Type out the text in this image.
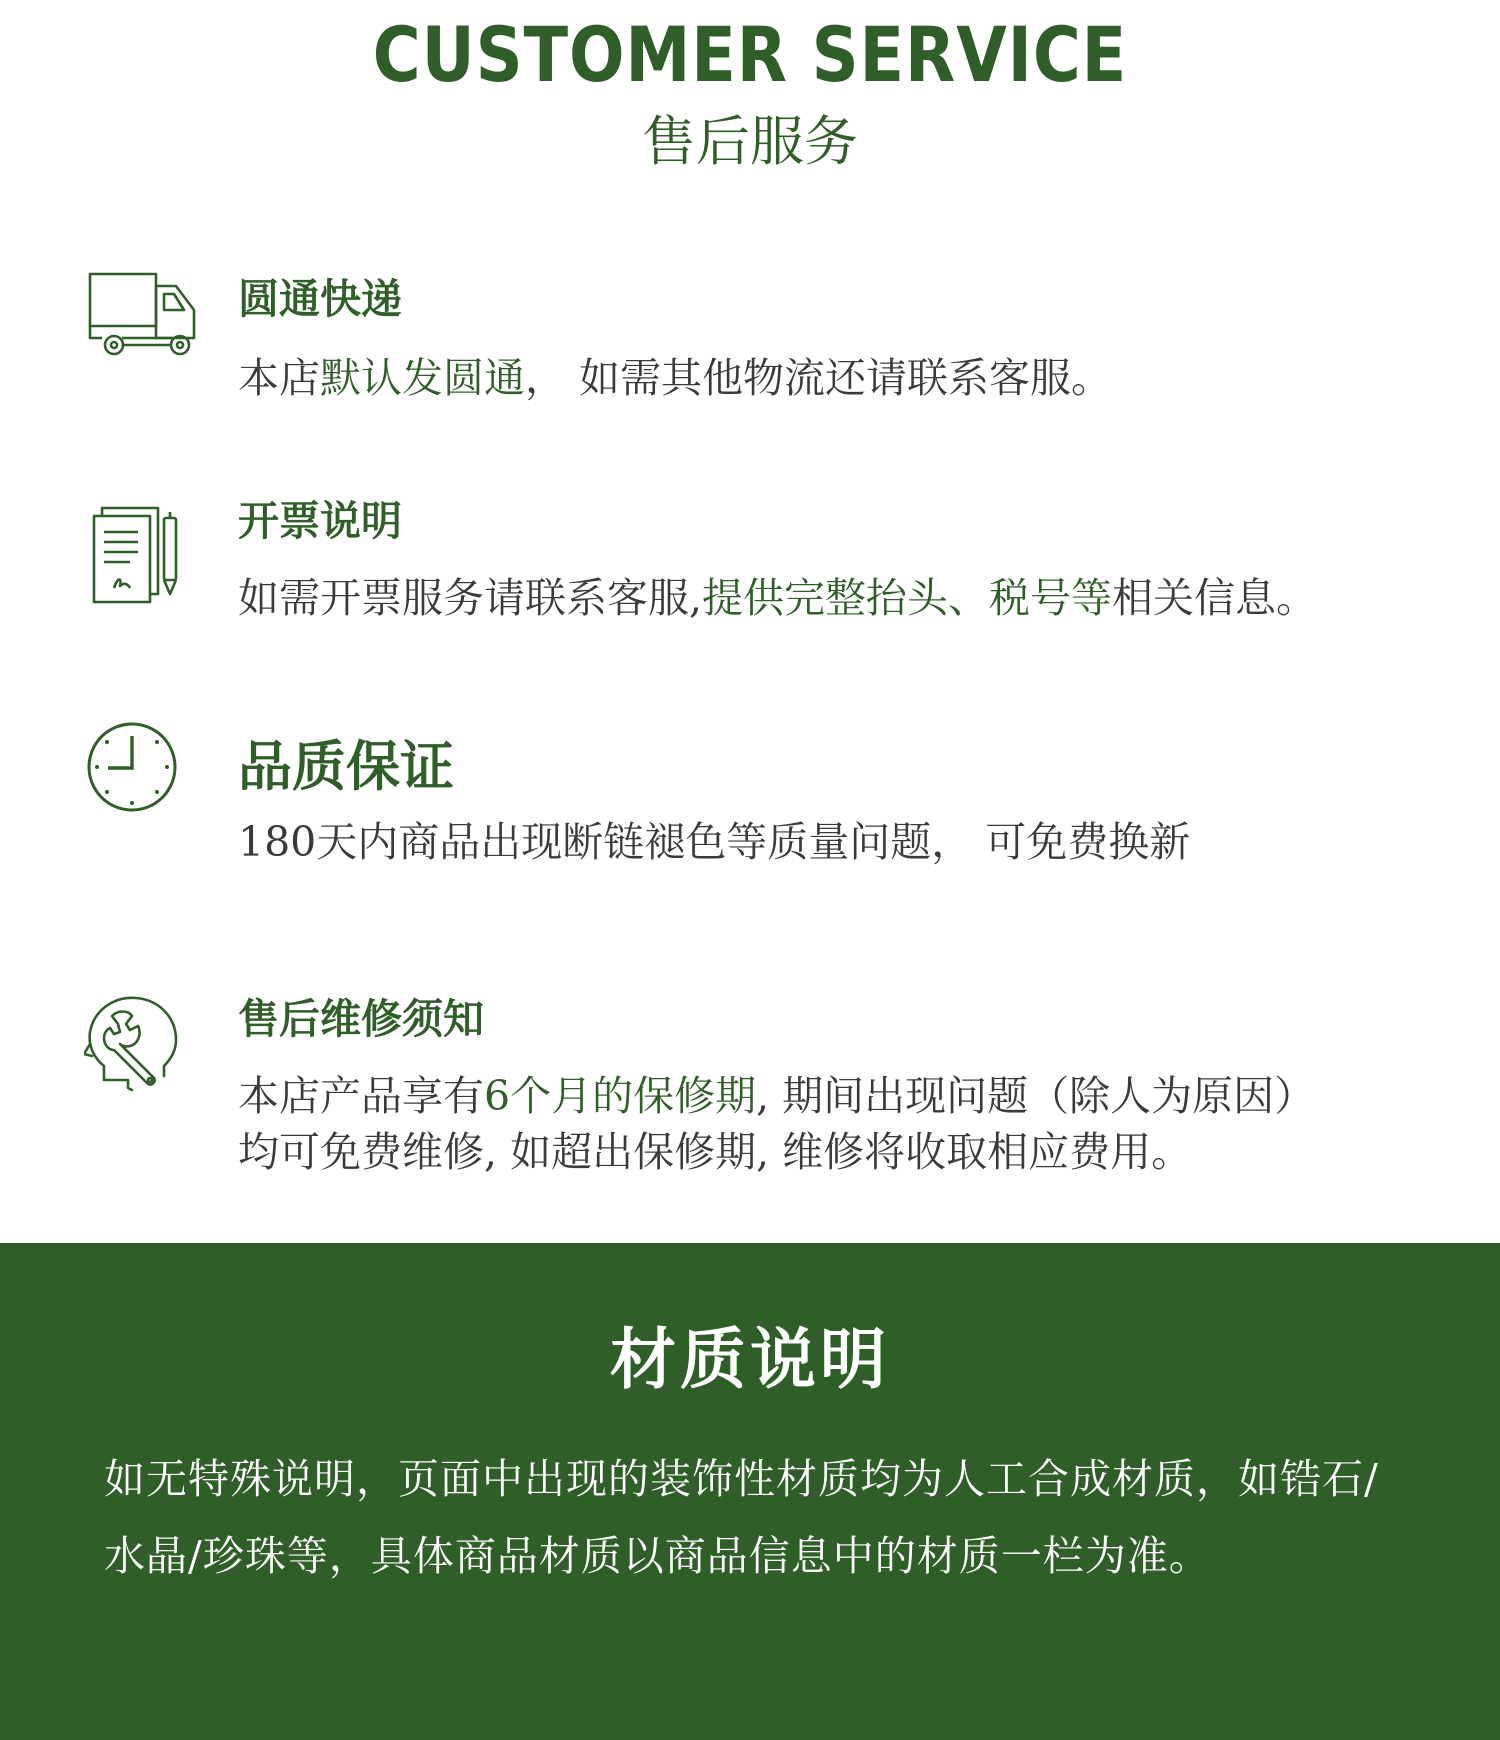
CUSTOMER SERVICE
售后服务
圆通快递
本店默认发圆通， 如需其他物流还请联系客服。
开票说明
如需开票服务请联系客服,提供完整抬头、税号等相关信息。
品质保证
180天内商品出现断链褪色等质量问题， 可免费换新
售后维修须知
本店产品享有6个月的保修期, 期间出现问题（除人为原因）
均可免费维修, 如超出保修期, 维修将收取相应费用。
材质说明
如无特殊说明，页面中出现的装饰性材质均为人工合成材质，如锆石/水晶/珍珠等，具体商品材质以商品信息中的材质一栏为准。
